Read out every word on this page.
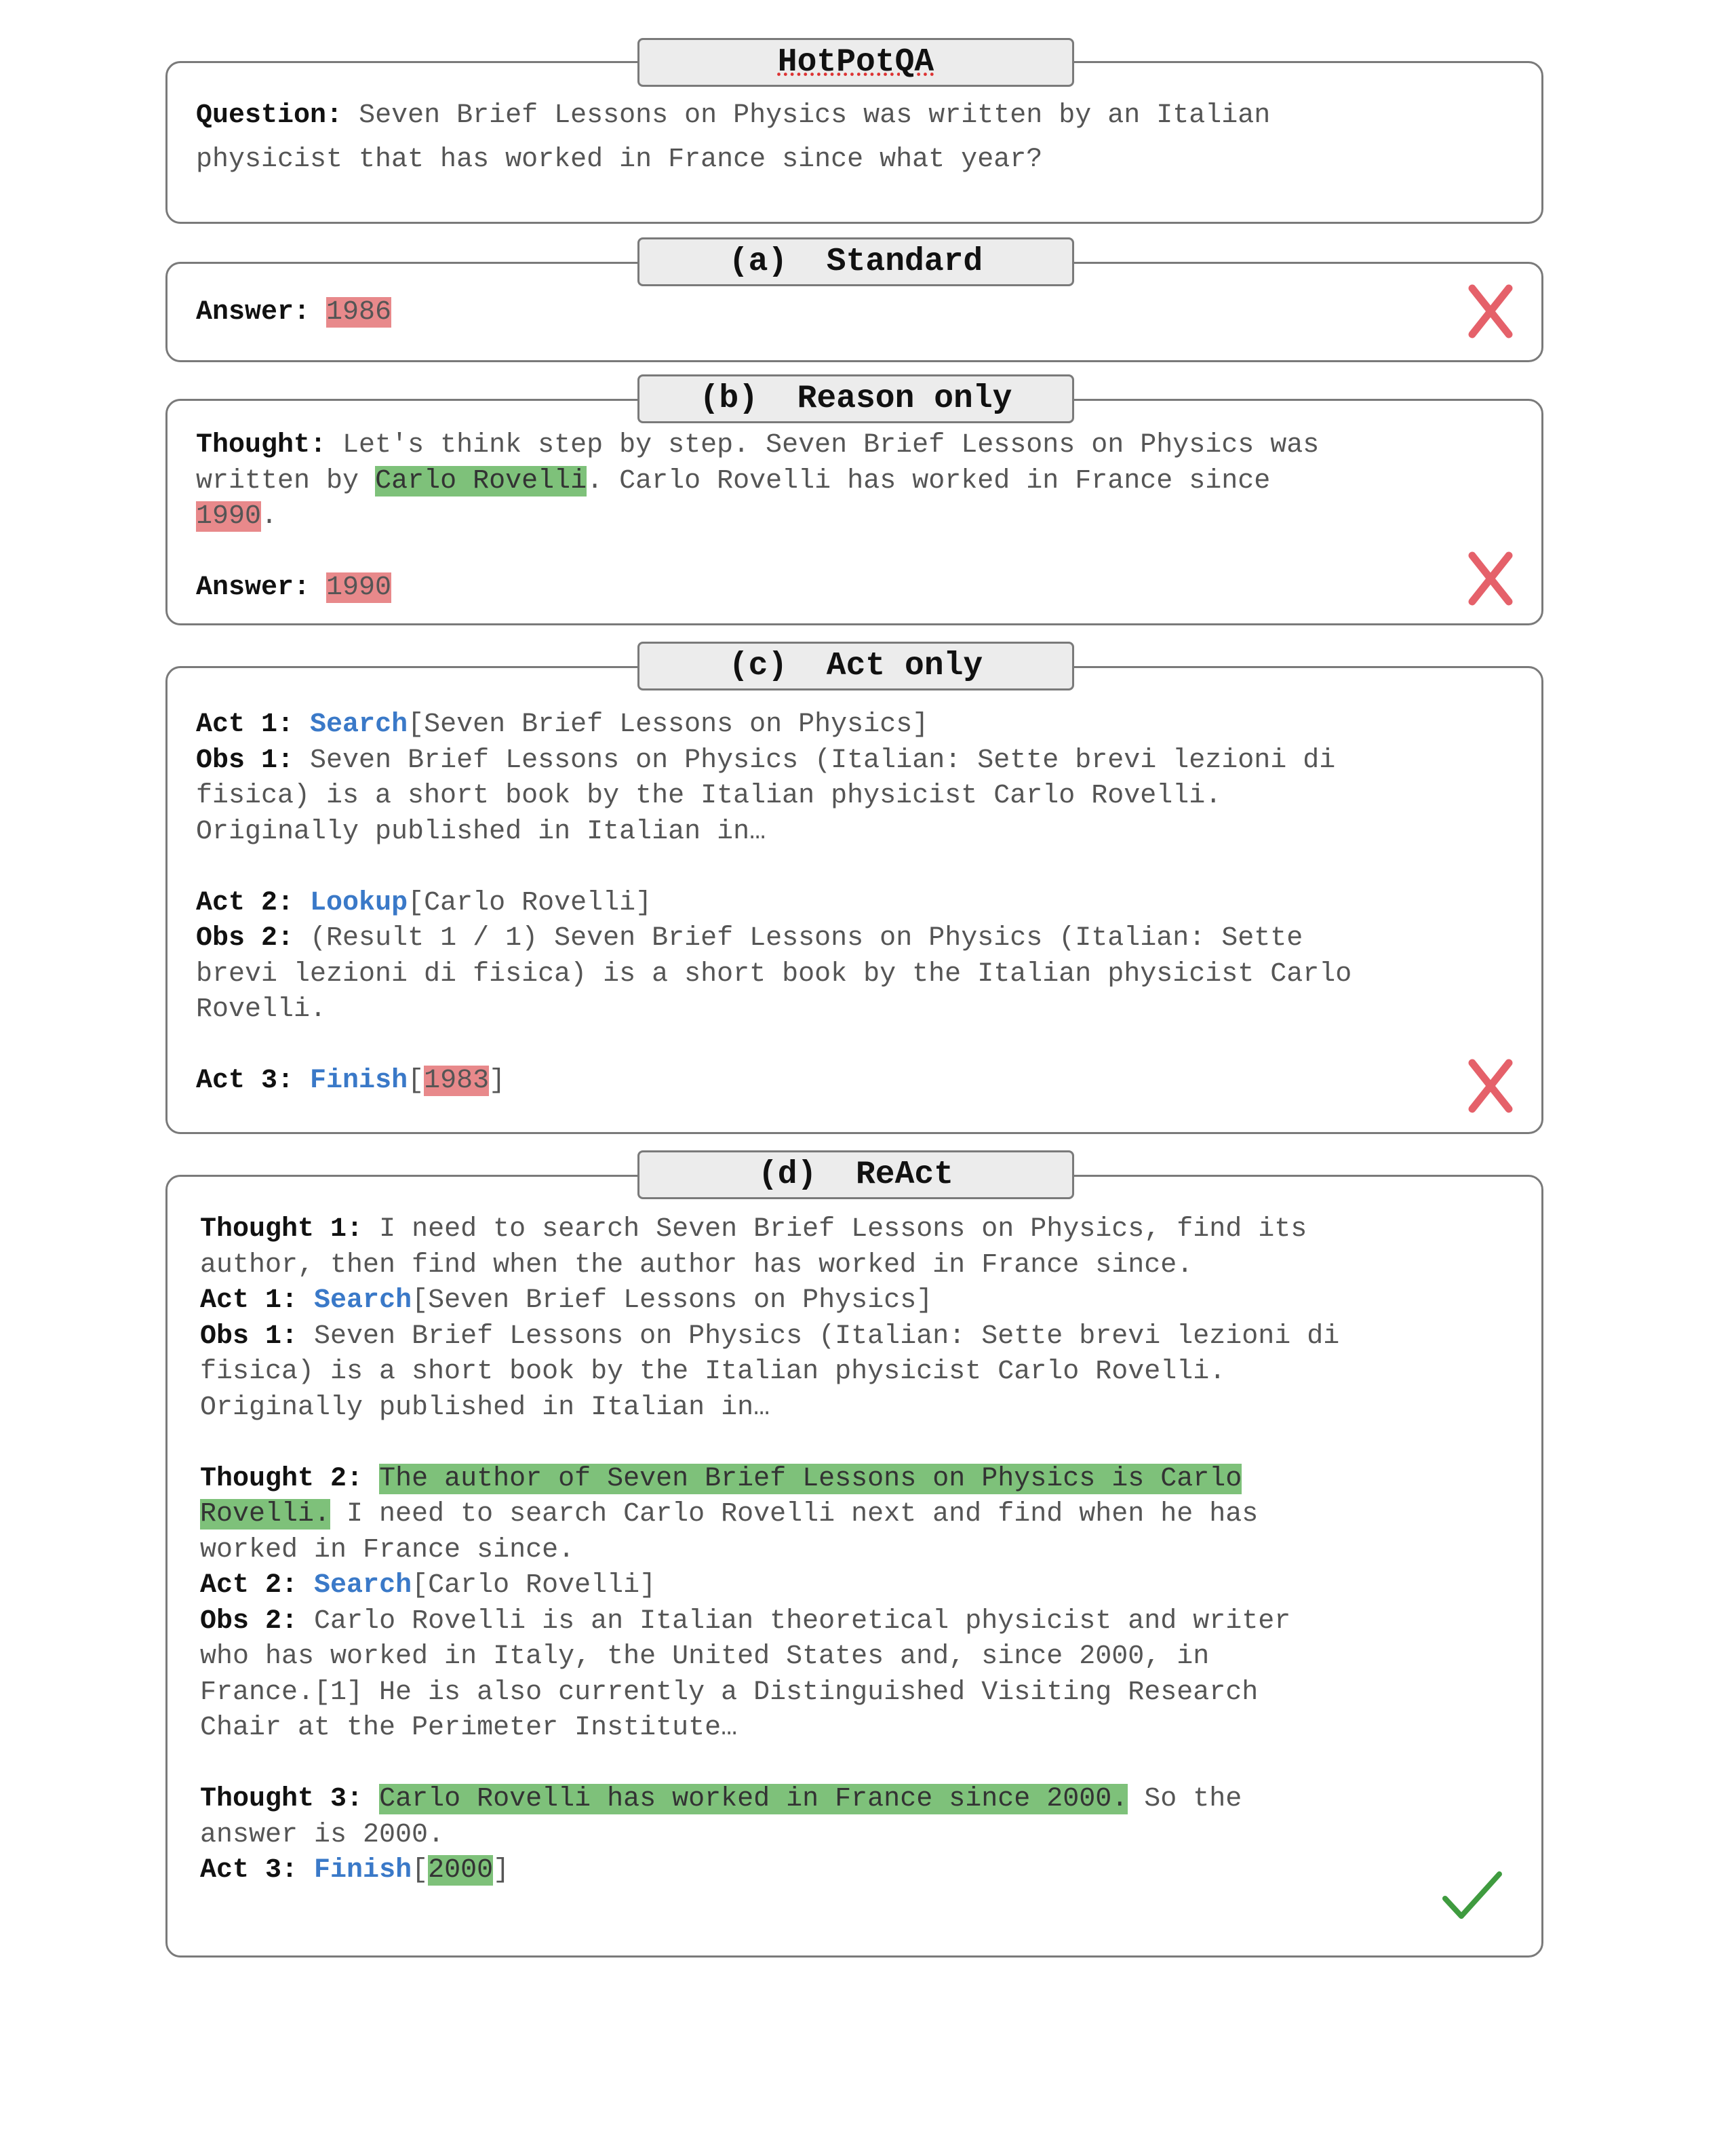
HotPotQA
Question: Seven Brief Lessons on Physics was written by an Italian
physicist that has worked in France since what year?
(a)  Standard
Answer: 1986
(b)  Reason only
Thought: Let's think step by step. Seven Brief Lessons on Physics was
written by Carlo Rovelli. Carlo Rovelli has worked in France since
1990.

Answer: 1990
(c)  Act only
Act 1: Search[Seven Brief Lessons on Physics]
Obs 1: Seven Brief Lessons on Physics (Italian: Sette brevi lezioni di
fisica) is a short book by the Italian physicist Carlo Rovelli.
Originally published in Italian in…

Act 2: Lookup[Carlo Rovelli]
Obs 2: (Result 1 / 1) Seven Brief Lessons on Physics (Italian: Sette
brevi lezioni di fisica) is a short book by the Italian physicist Carlo
Rovelli.

Act 3: Finish[1983]
(d)  ReAct
Thought 1: I need to search Seven Brief Lessons on Physics, find its
author, then find when the author has worked in France since.
Act 1: Search[Seven Brief Lessons on Physics]
Obs 1: Seven Brief Lessons on Physics (Italian: Sette brevi lezioni di
fisica) is a short book by the Italian physicist Carlo Rovelli.
Originally published in Italian in…

Thought 2: The author of Seven Brief Lessons on Physics is Carlo
Rovelli. I need to search Carlo Rovelli next and find when he has
worked in France since.
Act 2: Search[Carlo Rovelli]
Obs 2: Carlo Rovelli is an Italian theoretical physicist and writer
who has worked in Italy, the United States and, since 2000, in
France.[1] He is also currently a Distinguished Visiting Research
Chair at the Perimeter Institute…

Thought 3: Carlo Rovelli has worked in France since 2000. So the
answer is 2000.
Act 3: Finish[2000]
